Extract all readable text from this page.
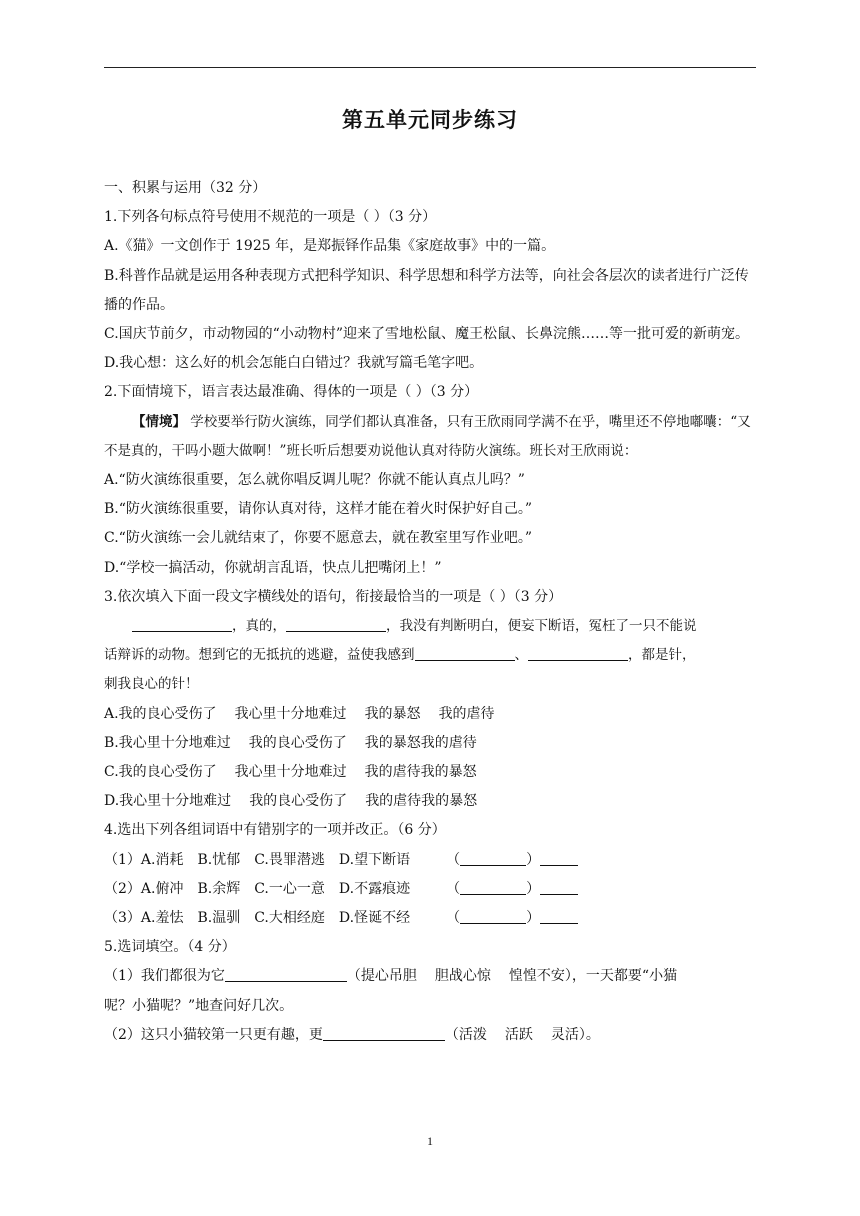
第五单元同步练习
一、积累与运用（32 分）
1.下列各句标点符号使用不规范的一项是（ ）（3 分）
A.《猫》一文创作于 1925 年，是郑振铎作品集《家庭故事》中的一篇。
B.科普作品就是运用各种表现方式把科学知识、科学思想和科学方法等，向社会各层次的读者进行广泛传播的作品。
C.国庆节前夕，市动物园的“小动物村”迎来了雪地松鼠、魔王松鼠、长鼻浣熊……等一批可爱的新萌宠。
D.我心想：这么好的机会怎能白白错过？我就写篇毛笔字吧。
2.下面情境下，语言表达最准确、得体的一项是（ ）（3 分）
【情境】 学校要举行防火演练，同学们都认真准备，只有王欣雨同学满不在乎，嘴里还不停地嘟囔：“又不是真的，干吗小题大做啊！”班长听后想要劝说他认真对待防火演练。班长对王欣雨说：
A.“防火演练很重要，怎么就你唱反调儿呢？你就不能认真点儿吗？”
B.“防火演练很重要，请你认真对待，这样才能在着火时保护好自己。”
C.“防火演练一会儿就结束了，你要不愿意去，就在教室里写作业吧。”
D.“学校一搞活动，你就胡言乱语，快点儿把嘴闭上！”
3.依次填入下面一段文字横线处的语句，衔接最恰当的一项是（ ）（3 分）
，真的，	，我没有判断明白，便妄下断语，冤枉了一只不能说
话辩诉的动物。想到它的无抵抗的逃避，益使我感到	、	，都是针，
刺我良心的针！
A.我的良心受伤了 我心里十分地难过 我的暴怒 我的虐待
B.我心里十分地难过 我的良心受伤了 我的暴怒我的虐待
C.我的良心受伤了 我心里十分地难过 我的虐待我的暴怒
D.我心里十分地难过 我的良心受伤了 我的虐待我的暴怒
4.选出下列各组词语中有错别字的一项并改正。（6 分）
（1）A.消耗 B.忧郁 C.畏罪潜逃 D.望下断语	（	）
（2）A.俯冲 B.余辉 C.一心一意 D.不露痕迹	（	）
（3）A.羞怯 B.温驯 C.大相经庭 D.怪诞不经	（	）
5.选词填空。（4 分）
（1）我们都很为它	（提心吊胆 胆战心惊 惶惶不安），一天都要“小猫
呢？小猫呢？”地查问好几次。
（2）这只小猫较第一只更有趣，更	（活泼 活跃 灵活）。
1
